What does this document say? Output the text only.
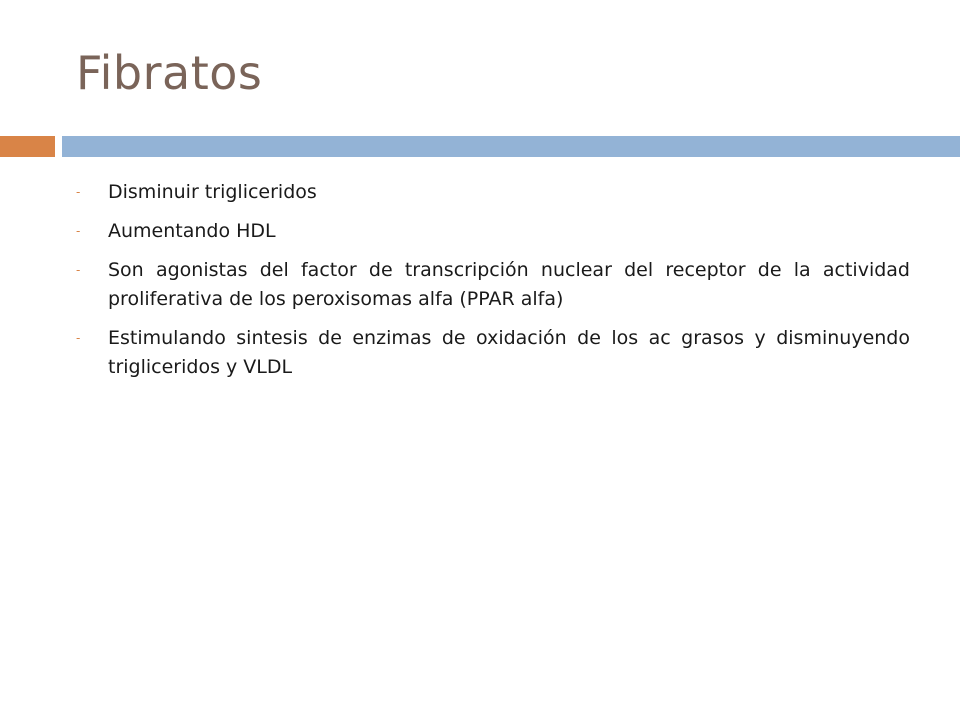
Fibratos
- Disminuir triglicеridos
- Aumentando HDL
- Son agonistas del factor de transcripción nuclear del receptor de la actividad proliferativa de los peroxisomas alfa (PPAR alfa)
- Estimulando sintesis de enzimas de oxidación de los ac grasos y disminuyendo triglicеridos y VLDL
